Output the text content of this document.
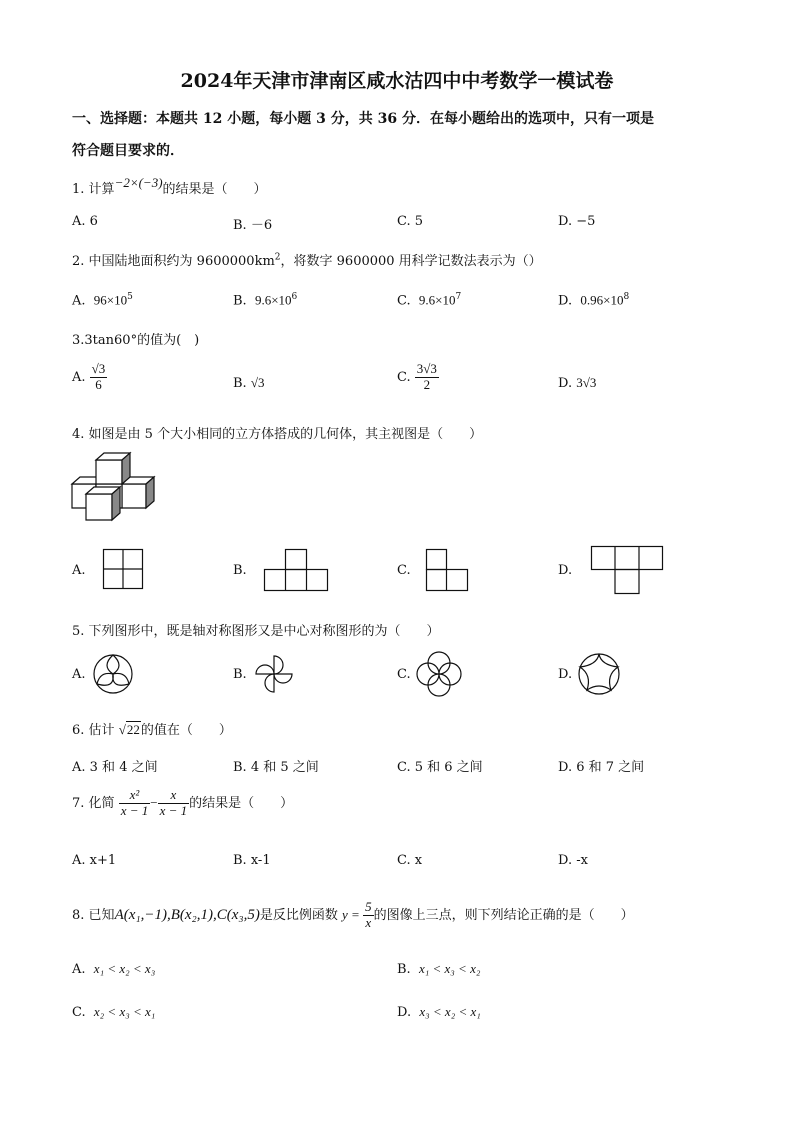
2024年天津市津南区咸水沽四中中考数学一模试卷
一、选择题：本题共 12 小题，每小题 3 分，共 36 分．在每小题给出的选项中，只有一项是
符合题目要求的．
1. 计算−2×(−3)的结果是（　　）
A. 6	B. －6	C. 5	D. −5
2. 中国陆地面积约为 $9600000km^2$，将数字 9600000 用科学记数法表示为（）
A. $96\times 10^5$	B. $9.6\times 10^6$	C. $9.6\times 10^7$	D. $0.96\times 10^8$
3.3tan60°的值为(　)
A. $\frac{√3}{6}$	B. √3	C. $\frac{3√3}{2}$	D. 3√3
4. 如图是由 5 个大小相同的立方体搭成的几何体，其主视图是（　　）
A.	B.	C.	D.
5. 下列图形中，既是轴对称图形又是中心对称图形的为（　　）
A.	B.	C.	D.
6. 估计 √22的值在（　　）
A. 3 和 4 之间	B. 4 和 5 之间	C. 5 和 6 之间	D. 6 和 7 之间
7. 化简 $\frac{\text{x²}}{x - 1} - \frac{x}{x - 1}$ 的结果是（　　）
A. x+1	B. x-1	C. x	D. -x
8. 已知A(x₁,−1),B(x₂,1),C(x₃,5)是反比例函数 $y = \frac{5}{x}$ 的图像上三点，则下列结论正确的是（　　）
A. x₁ < x₂ < x₃	B. x₁ < x₃ < x₂
C. x₂ < x₃ < x₁	D. x₃ < x₂ < x₁
